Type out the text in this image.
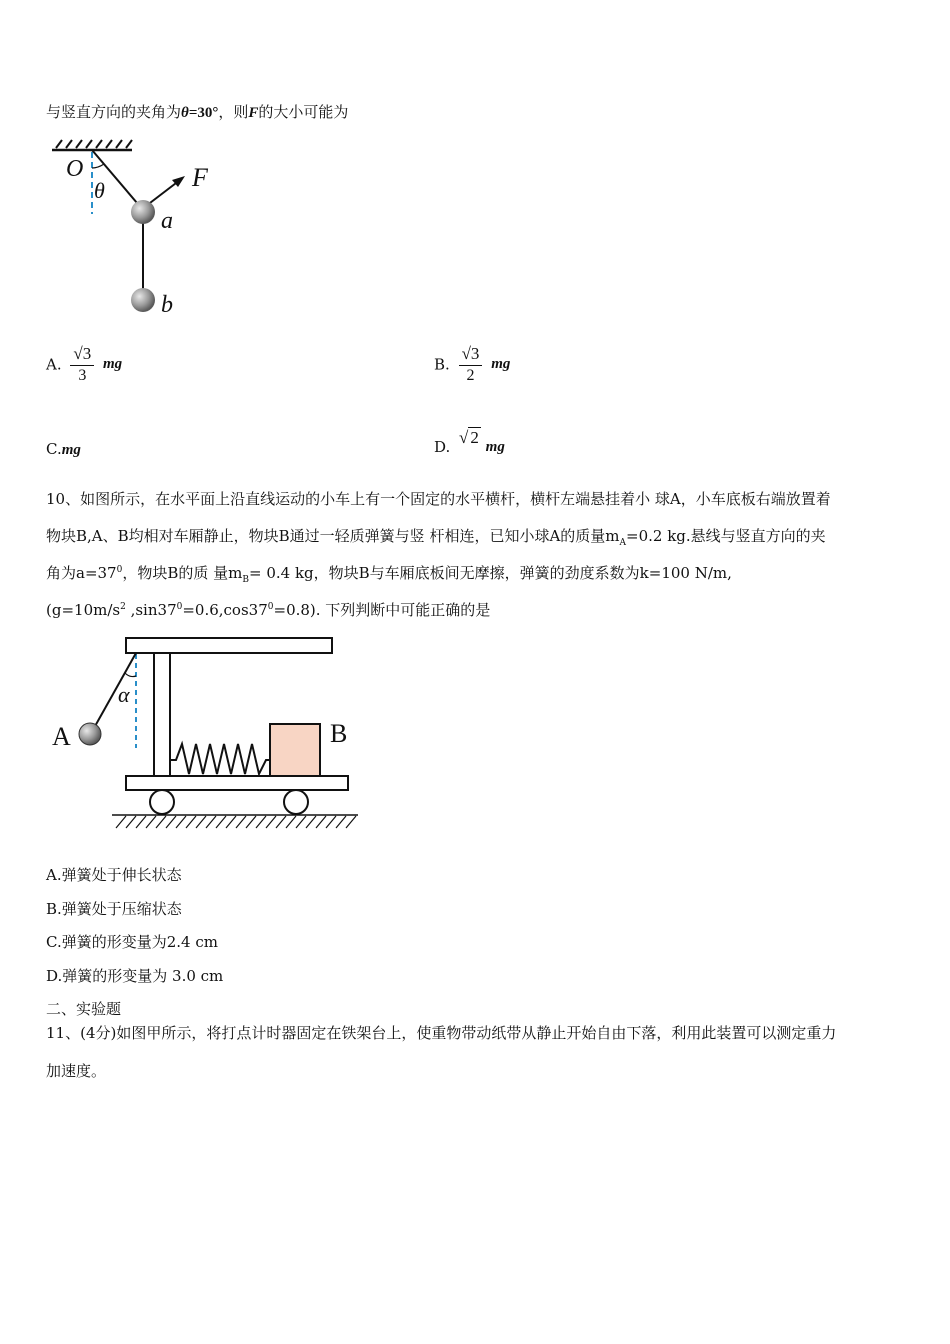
与竖直方向的夹角为θ=30°，则F的大小可能为
O
θ	F
a
b
A. $\frac{√3}{3}$ mg	B. $\frac{√3}{2}$ mg
C.mg	D. √ 2 mg
10、如图所示，在水平面上沿直线运动的小车上有一个固定的水平横杆，横杆左端悬挂着小 球A，小车底板右端放置着
物块B,A、B均相对车厢静止，物块B通过一轻质弹簧与竖 杆相连，已知小球A的质量$m_A=0.2$ kg.悬线与竖直方向的夹
角为$a=37^0$，物块B的质 量$m_B= 0.4$ kg，物块B与车厢底板间无摩擦，弹簧的劲度系数为k=100 N/m,
($g=10m/s^2$ $,\sin 37^0=0.6,\cos 37^0=0.8$). 下列判断中可能正确的是
α
A	B
A.弹簧处于伸长状态
B.弹簧处于压缩状态
C.弹簧的形变量为2.4 cm
D.弹簧的形变量为 3.0 cm
二、实验题
11、(4分)如图甲所示，将打点计时器固定在铁架台上，使重物带动纸带从静止开始自由下落，利用此装置可以测定重力
加速度。
